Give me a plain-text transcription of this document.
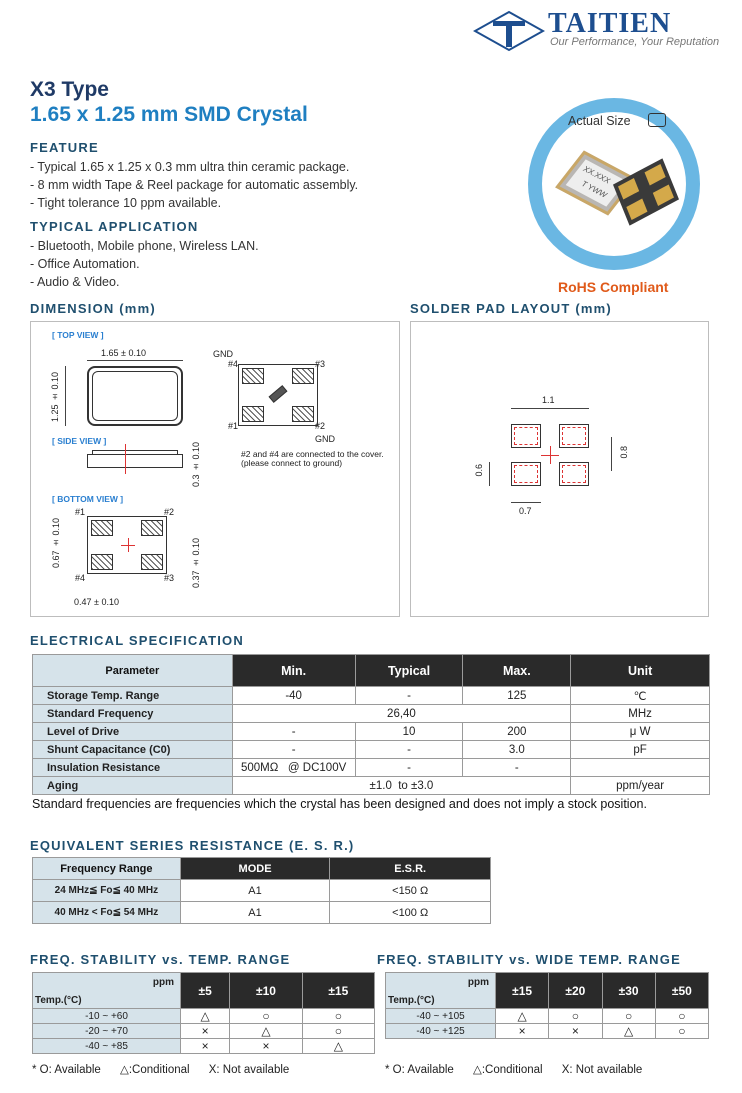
TAITIEN
Our Performance, Your Reputation
X3 Type
1.65 x 1.25 mm SMD Crystal
FEATURE
- Typical 1.65 x 1.25 x 0.3 mm ultra thin ceramic package.
- 8 mm width Tape & Reel package for automatic assembly.
- Tight tolerance 10 ppm available.
TYPICAL APPLICATION
- Bluetooth, Mobile phone, Wireless LAN.
- Office Automation.
- Audio & Video.
Actual Size
XX.XXX
T YWW
RoHS Compliant
DIMENSION (mm)
[ TOP VIEW ]
1.65 ± 0.10
1.25 ± 0.10
[ SIDE VIEW ]
0.3 ± 0.10
[ BOTTOM VIEW ]
#1	#2
#4	#3
0.67 ± 0.10	0.37 ± 0.10
0.47 ± 0.10
GND
#4	#3
#1	#2
GND
#2 and #4 are connected to the cover.
(please connect to ground)
SOLDER PAD LAYOUT (mm)
1.1
0.8
0.6
0.7
ELECTRICAL SPECIFICATION
Parameter	Min.	Typical	Max.	Unit
Storage Temp. Range	-40	-	125	℃
Standard Frequency	26,40			MHz
Level of Drive	-	10	200	μ W
Shunt Capacitance (C0)	-	-	3.0	pF
Insulation Resistance	500MΩ   @ DC100V	-	-	
Aging	±1.0  to ±3.0			ppm/year
Standard frequencies are frequencies which the crystal has been designed and does not imply a stock position.
EQUIVALENT SERIES RESISTANCE (E. S. R.)
Frequency Range	MODE	E.S.R.
24 MHz≦ Fo≦ 40 MHz	A1	<150 Ω
40 MHz < Fo≦ 54 MHz	A1	<100 Ω
FREQ. STABILITY vs. TEMP. RANGE
ppm
Temp.(°C)	±5	±10	±15
-10 ~ +60	△	○	○
-20 ~ +70	×	△	○
-40 ~ +85	×	×	△
* O: Available      △:Conditional      X: Not available
FREQ. STABILITY vs. WIDE TEMP. RANGE
ppm
Temp.(°C)	±15	±20	±30	±50
-40 ~ +105	△	○	○	○
-40 ~ +125	×	×	△	○
* O: Available      △:Conditional      X: Not available
